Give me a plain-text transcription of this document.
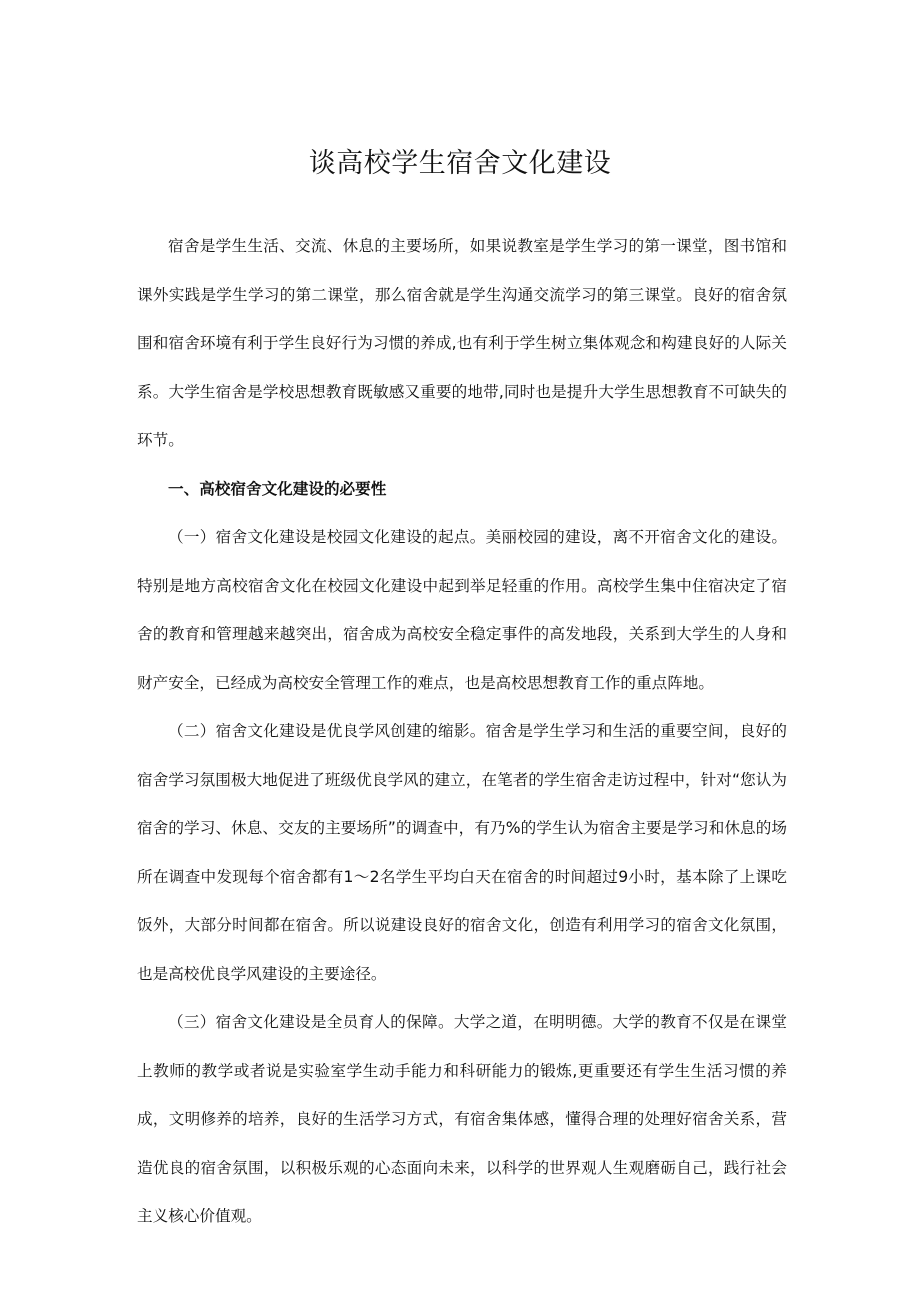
谈高校学生宿舍文化建设

宿舍是学生生活、交流、休息的主要场所，如果说教室是学生学习的第一课堂，图书馆和课外实践是学生学习的第二课堂，那么宿舍就是学生沟通交流学习的第三课堂。良好的宿舍氛围和宿舍环境有利于学生良好行为习惯的养成,也有利于学生树立集体观念和构建良好的人际关系。大学生宿舍是学校思想教育既敏感又重要的地带,同时也是提升大学生思想教育不可缺失的环节。

一、高校宿舍文化建设的必要性

（一）宿舍文化建设是校园文化建设的起点。美丽校园的建设，离不开宿舍文化的建设。特别是地方高校宿舍文化在校园文化建设中起到举足轻重的作用。高校学生集中住宿决定了宿舍的教育和管理越来越突出，宿舍成为高校安全稳定事件的高发地段，关系到大学生的人身和财产安全，已经成为高校安全管理工作的难点，也是高校思想教育工作的重点阵地。

（二）宿舍文化建设是优良学风创建的缩影。宿舍是学生学习和生活的重要空间，良好的宿舍学习氛围极大地促进了班级优良学风的建立，在笔者的学生宿舍走访过程中，针对“您认为宿舍的学习、休息、交友的主要场所”的调查中，有乃%的学生认为宿舍主要是学习和休息的场所在调查中发现每个宿舍都有1～2名学生平均白天在宿舍的时间超过9小时，基本除了上课吃饭外，大部分时间都在宿舍。所以说建设良好的宿舍文化，创造有利用学习的宿舍文化氛围，也是高校优良学风建设的主要途径。

（三）宿舍文化建设是全员育人的保障。大学之道，在明明德。大学的教育不仅是在课堂上教师的教学或者说是实验室学生动手能力和科研能力的锻炼,更重要还有学生生活习惯的养成，文明修养的培养，良好的生活学习方式，有宿舍集体感，懂得合理的处理好宿舍关系，营造优良的宿舍氛围，以积极乐观的心态面向未来，以科学的世界观人生观磨砺自己，践行社会主义核心价值观。
